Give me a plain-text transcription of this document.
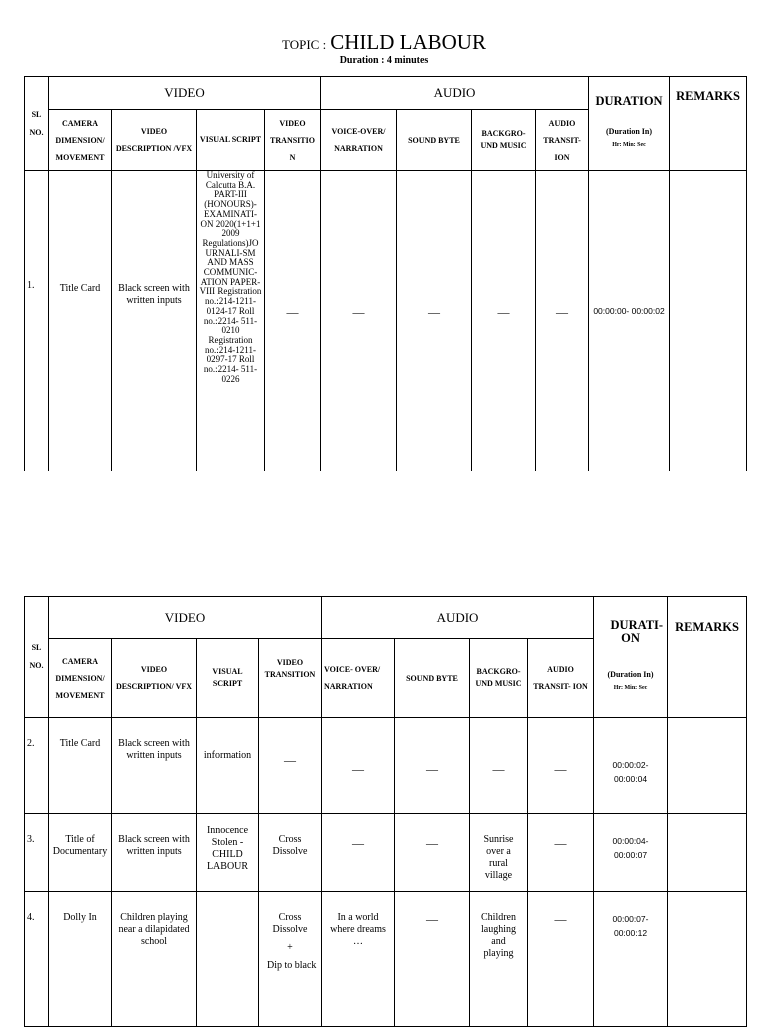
TOPIC : CHILD LABOUR
Duration : 4 minutes
SL NO.	VIDEO				AUDIO				DURATION
(Duration In)
Hr: Min: Sec	REMARKS
	CAMERA DIMENSION/ MOVEMENT	VIDEO DESCRIPTION /VFX	VISUAL SCRIPT	VIDEO TRANSITIO N	VOICE-OVER/ NARRATION	SOUND BYTE	BACKGRO- UND MUSIC	AUDIO TRANSIT- ION		
1.	Title Card	Black screen with written inputs	University of Calcutta B.A. PART-III (HONOURS)- EXAMINATI- ON 2020(1+1+1 2009 Regulations)JO URNALI-SM AND MASS COMMUNIC- ATION PAPER-VIII Registration no.:214-1211- 0124-17 Roll no.:2214- 511-0210 Registration no.:214-1211- 0297-17 Roll no.:2214- 511-0226	—	—	—	—	—	00:00:00- 00:00:02	
SL NO.	VIDEO				AUDIO				DURATI- ON
(Duration In)
Hr: Min: Sec	REMARKS
	CAMERA DIMENSION/ MOVEMENT	VIDEO DESCRIPTION/ VFX	VISUAL SCRIPT	VIDEO TRANSITION	VOICE- OVER/ NARRATION	SOUND BYTE	BACKGRO- UND MUSIC	AUDIO TRANSIT- ION		
2.	Title Card	Black screen with written inputs	information	—	—	—	—	—	00:00:02- 00:00:04	
3.	Title of Documentary	Black screen with written inputs	Innocence Stolen - CHILD LABOUR	Cross Dissolve	—	—	Sunrise over a rural village	—	00:00:04- 00:00:07	
4.	Dolly In	Children playing near a dilapidated school		Cross Dissolve
+
Dip to black	In a world where dreams …	—	Children laughing and playing	—	00:00:07- 00:00:12	
